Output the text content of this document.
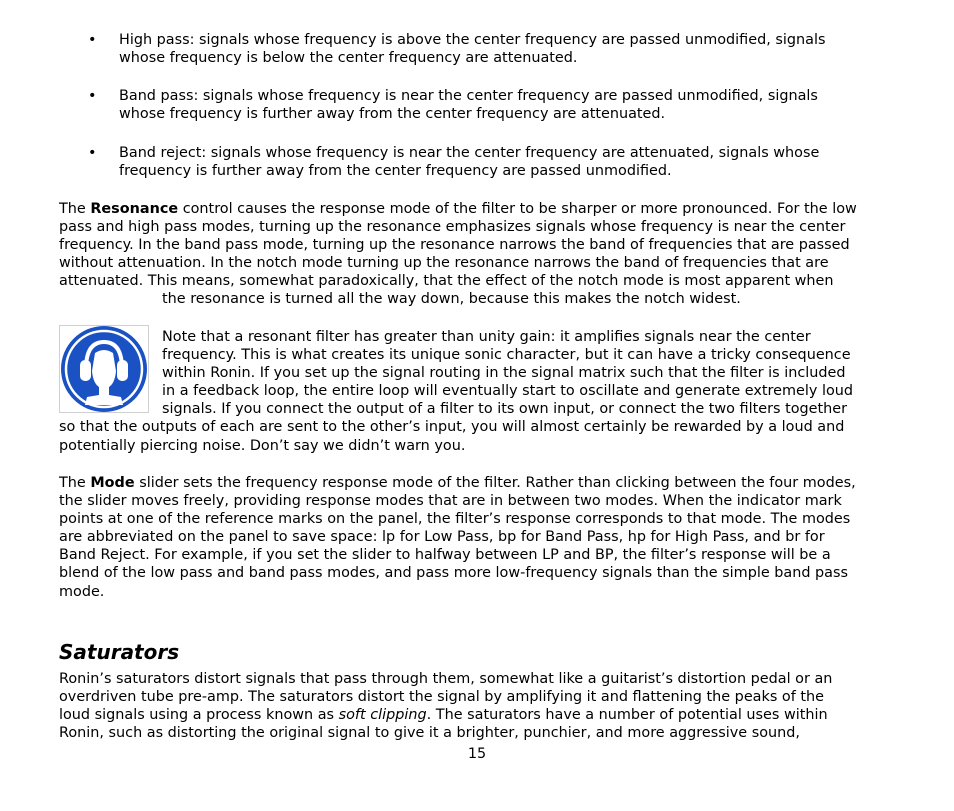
• High pass: signals whose frequency is above the center frequency are passed unmodified, signals
whose frequency is below the center frequency are attenuated.
• Band pass: signals whose frequency is near the center frequency are passed unmodified, signals
whose frequency is further away from the center frequency are attenuated.
• Band reject: signals whose frequency is near the center frequency are attenuated, signals whose
frequency is further away from the center frequency are passed unmodified.
The Resonance control causes the response mode of the filter to be sharper or more pronounced. For the low
pass and high pass modes, turning up the resonance emphasizes signals whose frequency is near the center
frequency. In the band pass mode, turning up the resonance narrows the band of frequencies that are passed
without attenuation. In the notch mode turning up the resonance narrows the band of frequencies that are
attenuated. This means, somewhat paradoxically, that the effect of the notch mode is most apparent when
the resonance is turned all the way down, because this makes the notch widest.
Note that a resonant filter has greater than unity gain: it amplifies signals near the center
frequency. This is what creates its unique sonic character, but it can have a tricky consequence
within Ronin. If you set up the signal routing in the signal matrix such that the filter is included
in a feedback loop, the entire loop will eventually start to oscillate and generate extremely loud
signals. If you connect the output of a filter to its own input, or connect the two filters together
so that the outputs of each are sent to the other’s input, you will almost certainly be rewarded by a loud and
potentially piercing noise. Don’t say we didn’t warn you.
The Mode slider sets the frequency response mode of the filter. Rather than clicking between the four modes,
the slider moves freely, providing response modes that are in between two modes. When the indicator mark
points at one of the reference marks on the panel, the filter’s response corresponds to that mode. The modes
are abbreviated on the panel to save space: lp for Low Pass, bp for Band Pass, hp for High Pass, and br for
Band Reject. For example, if you set the slider to halfway between LP and BP, the filter’s response will be a
blend of the low pass and band pass modes, and pass more low-frequency signals than the simple band pass
mode.
Saturators
Ronin’s saturators distort signals that pass through them, somewhat like a guitarist’s distortion pedal or an
overdriven tube pre-amp. The saturators distort the signal by amplifying it and flattening the peaks of the
loud signals using a process known as soft clipping. The saturators have a number of potential uses within
Ronin, such as distorting the original signal to give it a brighter, punchier, and more aggressive sound,
15
